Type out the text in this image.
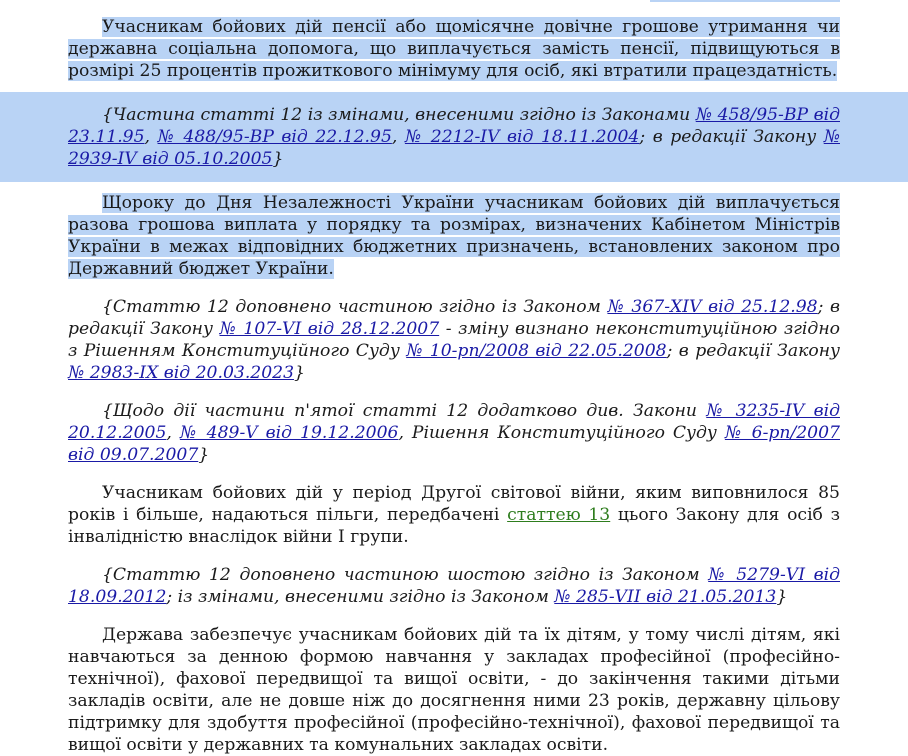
Учасникам бойових дій пенсії або щомісячне довічне грошове утримання чи державна соціальна допомога, що виплачується замість пенсії, підвищуються в розмірі 25 процентів прожиткового мінімуму для осіб, які втратили працездатність.

{Частина статті 12 із змінами, внесеними згідно із Законами № 458/95-ВР від 23.11.95, № 488/95-ВР від 22.12.95, № 2212-IV від 18.11.2004; в редакції Закону № 2939-IV від 05.10.2005}

Щороку до Дня Незалежності України учасникам бойових дій виплачується разова грошова виплата у порядку та розмірах, визначених Кабінетом Міністрів України в межах відповідних бюджетних призначень, встановлених законом про Державний бюджет України.

{Статтю 12 доповнено частиною згідно із Законом № 367-XIV від 25.12.98; в редакції Закону № 107-VI від 28.12.2007 - зміну визнано неконституційною згідно з Рішенням Конституційного Суду № 10-рп/2008 від 22.05.2008; в редакції Закону № 2983-IX від 20.03.2023}

{Щодо дії частини п'ятої статті 12 додатково див. Закони № 3235-IV від 20.12.2005, № 489-V від 19.12.2006, Рішення Конституційного Суду № 6-рп/2007 від 09.07.2007}

Учасникам бойових дій у період Другої світової війни, яким виповнилося 85 років і більше, надаються пільги, передбачені статтею 13 цього Закону для осіб з інвалідністю внаслідок війни I групи.

{Статтю 12 доповнено частиною шостою згідно із Законом № 5279-VI від 18.09.2012; із змінами, внесеними згідно із Законом № 285-VII від 21.05.2013}

Держава забезпечує учасникам бойових дій та їх дітям, у тому числі дітям, які навчаються за денною формою навчання у закладах професійної (професійно-технічної), фахової передвищої та вищої освіти, - до закінчення такими дітьми закладів освіти, але не довше ніж до досягнення ними 23 років, державну цільову підтримку для здобуття професійної (професійно-технічної), фахової передвищої та вищої освіти у державних та комунальних закладах освіти.
